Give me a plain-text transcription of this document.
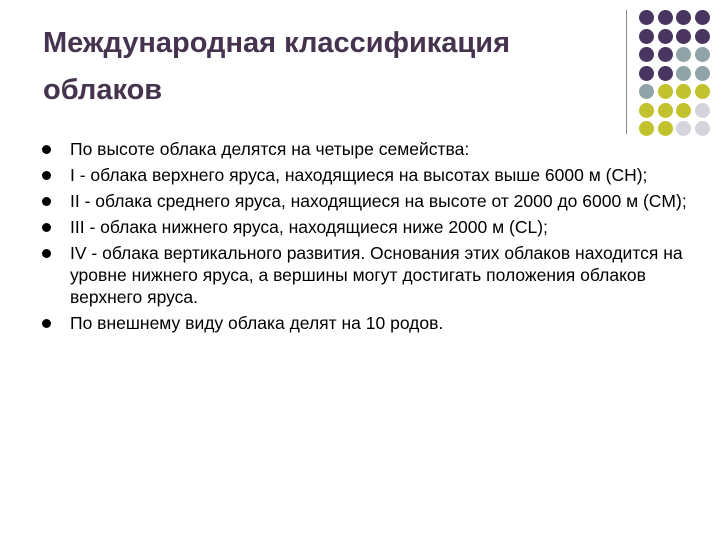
Международная классификация облаков
По высоте облака делятся на четыре семейства:
I - облака верхнего яруса, находящиеся на высотах выше 6000 м (CH);
II - облака среднего яруса, находящиеся на высоте от 2000 до 6000 м (CM);
III - облака нижнего яруса, находящиеся ниже 2000 м (CL);
IV - облака вертикального развития. Основания этих облаков находится на уровне нижнего яруса, а вершины могут достигать положения облаков верхнего яруса.
По внешнему виду облака делят на 10 родов.
